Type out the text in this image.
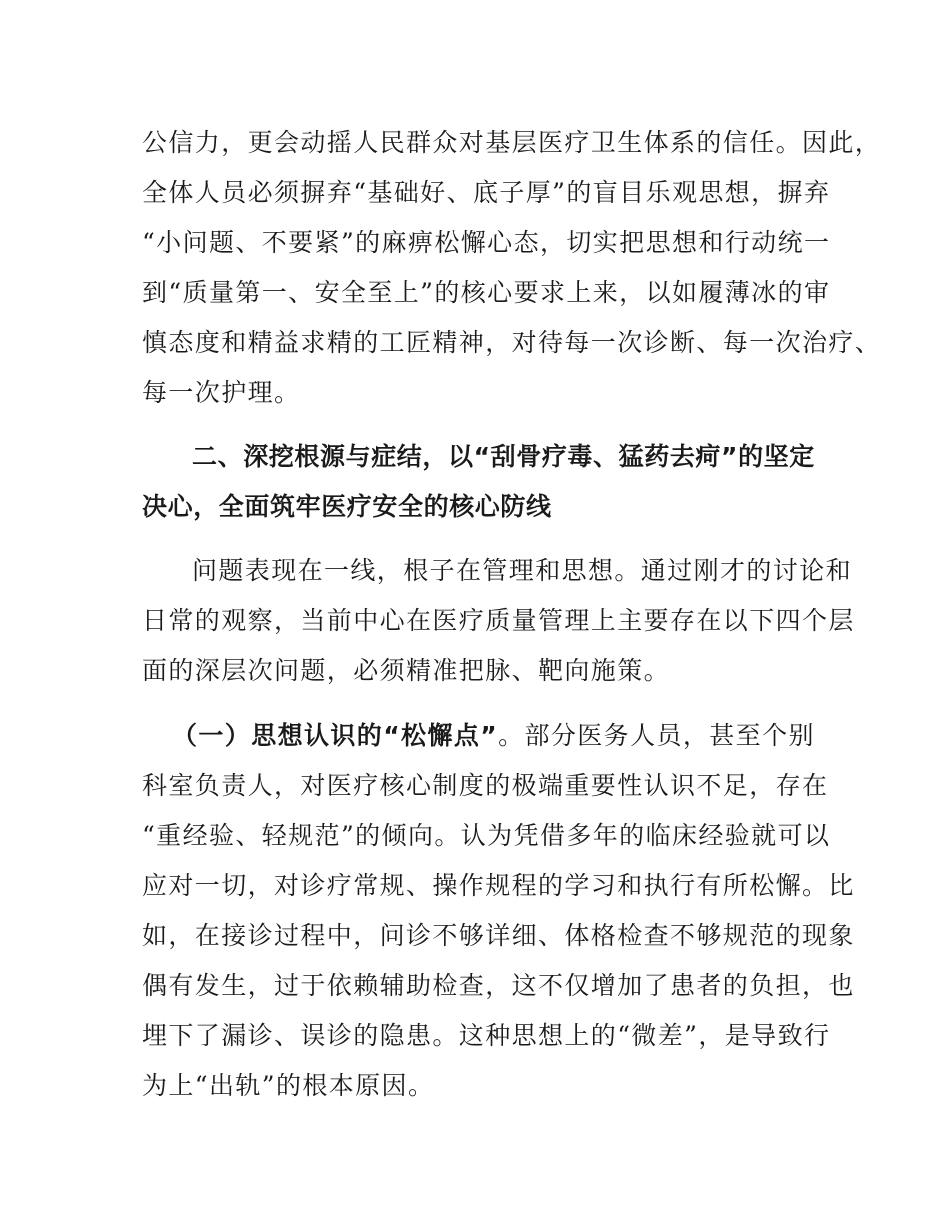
公信力，更会动摇人民群众对基层医疗卫生体系的信任。因此，
全体人员必须摒弃“基础好、底子厚”的盲目乐观思想，摒弃
“小问题、不要紧”的麻痹松懈心态，切实把思想和行动统一
到“质量第一、安全至上”的核心要求上来，以如履薄冰的审
慎态度和精益求精的工匠精神，对待每一次诊断、每一次治疗、
每一次护理。
二、深挖根源与症结，以“刮骨疗毒、猛药去疴”的坚定
决心，全面筑牢医疗安全的核心防线
问题表现在一线，根子在管理和思想。通过刚才的讨论和
日常的观察，当前中心在医疗质量管理上主要存在以下四个层
面的深层次问题，必须精准把脉、靶向施策。
（一）思想认识的“松懈点”。部分医务人员，甚至个别
科室负责人，对医疗核心制度的极端重要性认识不足，存在
“重经验、轻规范”的倾向。认为凭借多年的临床经验就可以
应对一切，对诊疗常规、操作规程的学习和执行有所松懈。比
如，在接诊过程中，问诊不够详细、体格检查不够规范的现象
偶有发生，过于依赖辅助检查，这不仅增加了患者的负担，也
埋下了漏诊、误诊的隐患。这种思想上的“微差”，是导致行
为上“出轨”的根本原因。
